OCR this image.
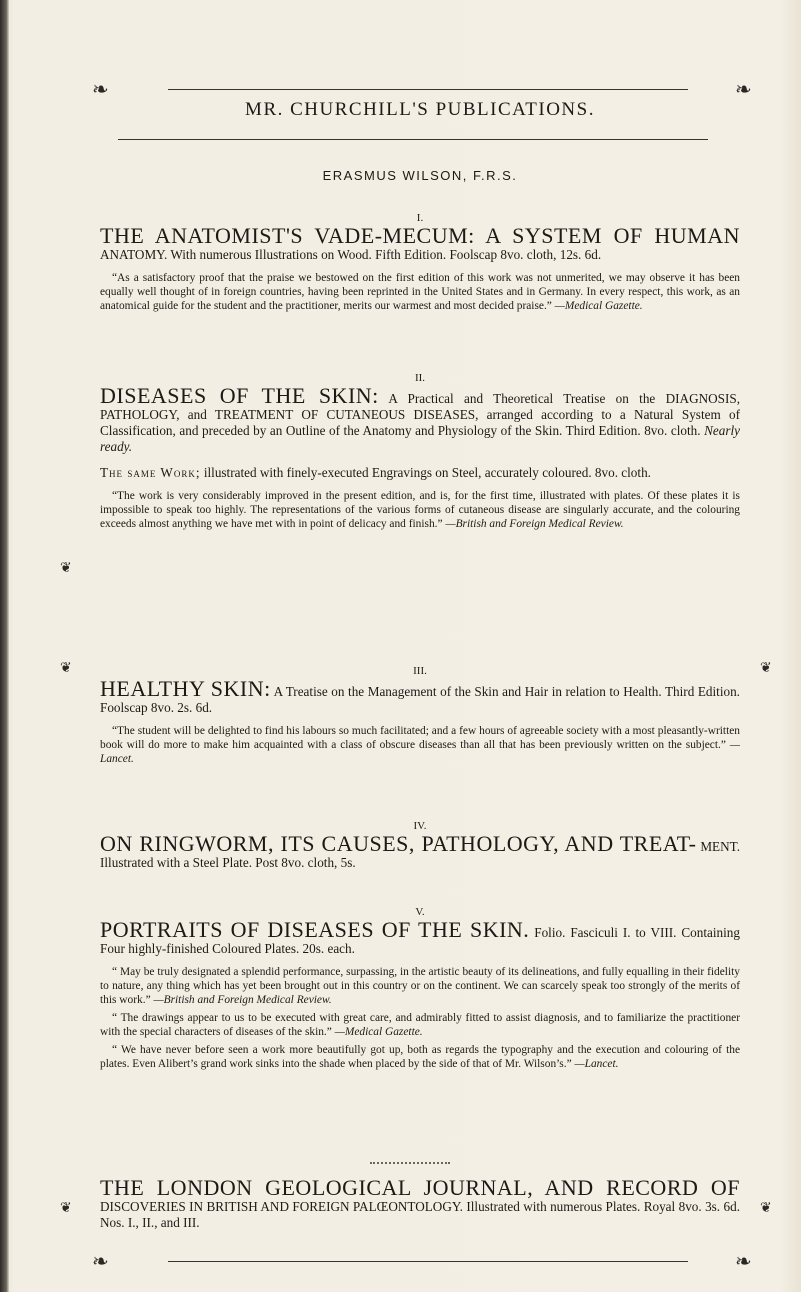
❧	❧
MR. CHURCHILL'S PUBLICATIONS.
ERASMUS WILSON, F.R.S.
I.
THE ANATOMIST'S VADE-MECUM: A SYSTEM OF HUMAN ANATOMY. With numerous Illustrations on Wood. Fifth Edition. Foolscap 8vo. cloth, 12s. 6d.
“As a satisfactory proof that the praise we bestowed on the first edition of this work was not unmerited, we may observe it has been equally well thought of in foreign countries, having been reprinted in the United States and in Germany. In every respect, this work, as an anatomical guide for the student and the practitioner, merits our warmest and most decided praise.” —Medical Gazette.
II.
DISEASES OF THE SKIN: A Practical and Theoretical Treatise on the DIAGNOSIS, PATHOLOGY, and TREATMENT OF CUTANEOUS DISEASES, arranged according to a Natural System of Classification, and preceded by an Outline of the Anatomy and Physiology of the Skin. Third Edition. 8vo. cloth. Nearly ready.
The same Work; illustrated with finely-executed Engravings on Steel, accurately coloured. 8vo. cloth.
“The work is very considerably improved in the present edition, and is, for the first time, illustrated with plates. Of these plates it is impossible to speak too highly. The representations of the various forms of cutaneous disease are singularly accurate, and the colouring exceeds almost anything we have met with in point of delicacy and finish.” —British and Foreign Medical Review.
III.
HEALTHY SKIN: A Treatise on the Management of the Skin and Hair in relation to Health. Third Edition. Foolscap 8vo. 2s. 6d.
“The student will be delighted to find his labours so much facilitated; and a few hours of agreeable society with a most pleasantly-written book will do more to make him acquainted with a class of obscure diseases than all that has been previously written on the subject.” —Lancet.
IV.
ON RINGWORM, ITS CAUSES, PATHOLOGY, AND TREAT- MENT. Illustrated with a Steel Plate. Post 8vo. cloth, 5s.
V.
PORTRAITS OF DISEASES OF THE SKIN. Folio. Fasciculi I. to VIII. Containing Four highly-finished Coloured Plates. 20s. each.
“ May be truly designated a splendid performance, surpassing, in the artistic beauty of its delineations, and fully equalling in their fidelity to nature, any thing which has yet been brought out in this country or on the continent. We can scarcely speak too strongly of the merits of this work.” —British and Foreign Medical Review.
“ The drawings appear to us to be executed with great care, and admirably fitted to assist diagnosis, and to familiarize the practitioner with the special characters of diseases of the skin.” —Medical Gazette.
“ We have never before seen a work more beautifully got up, both as regards the typography and the execution and colouring of the plates. Even Alibert’s grand work sinks into the shade when placed by the side of that of Mr. Wilson’s.” —Lancet.
THE LONDON GEOLOGICAL JOURNAL, AND RECORD OF DISCOVERIES IN BRITISH AND FOREIGN PALŒONTOLOGY. Illustrated with numerous Plates. Royal 8vo. 3s. 6d. Nos. I., II., and III.
❧	❧
❦
❦	❦
❦
❦
